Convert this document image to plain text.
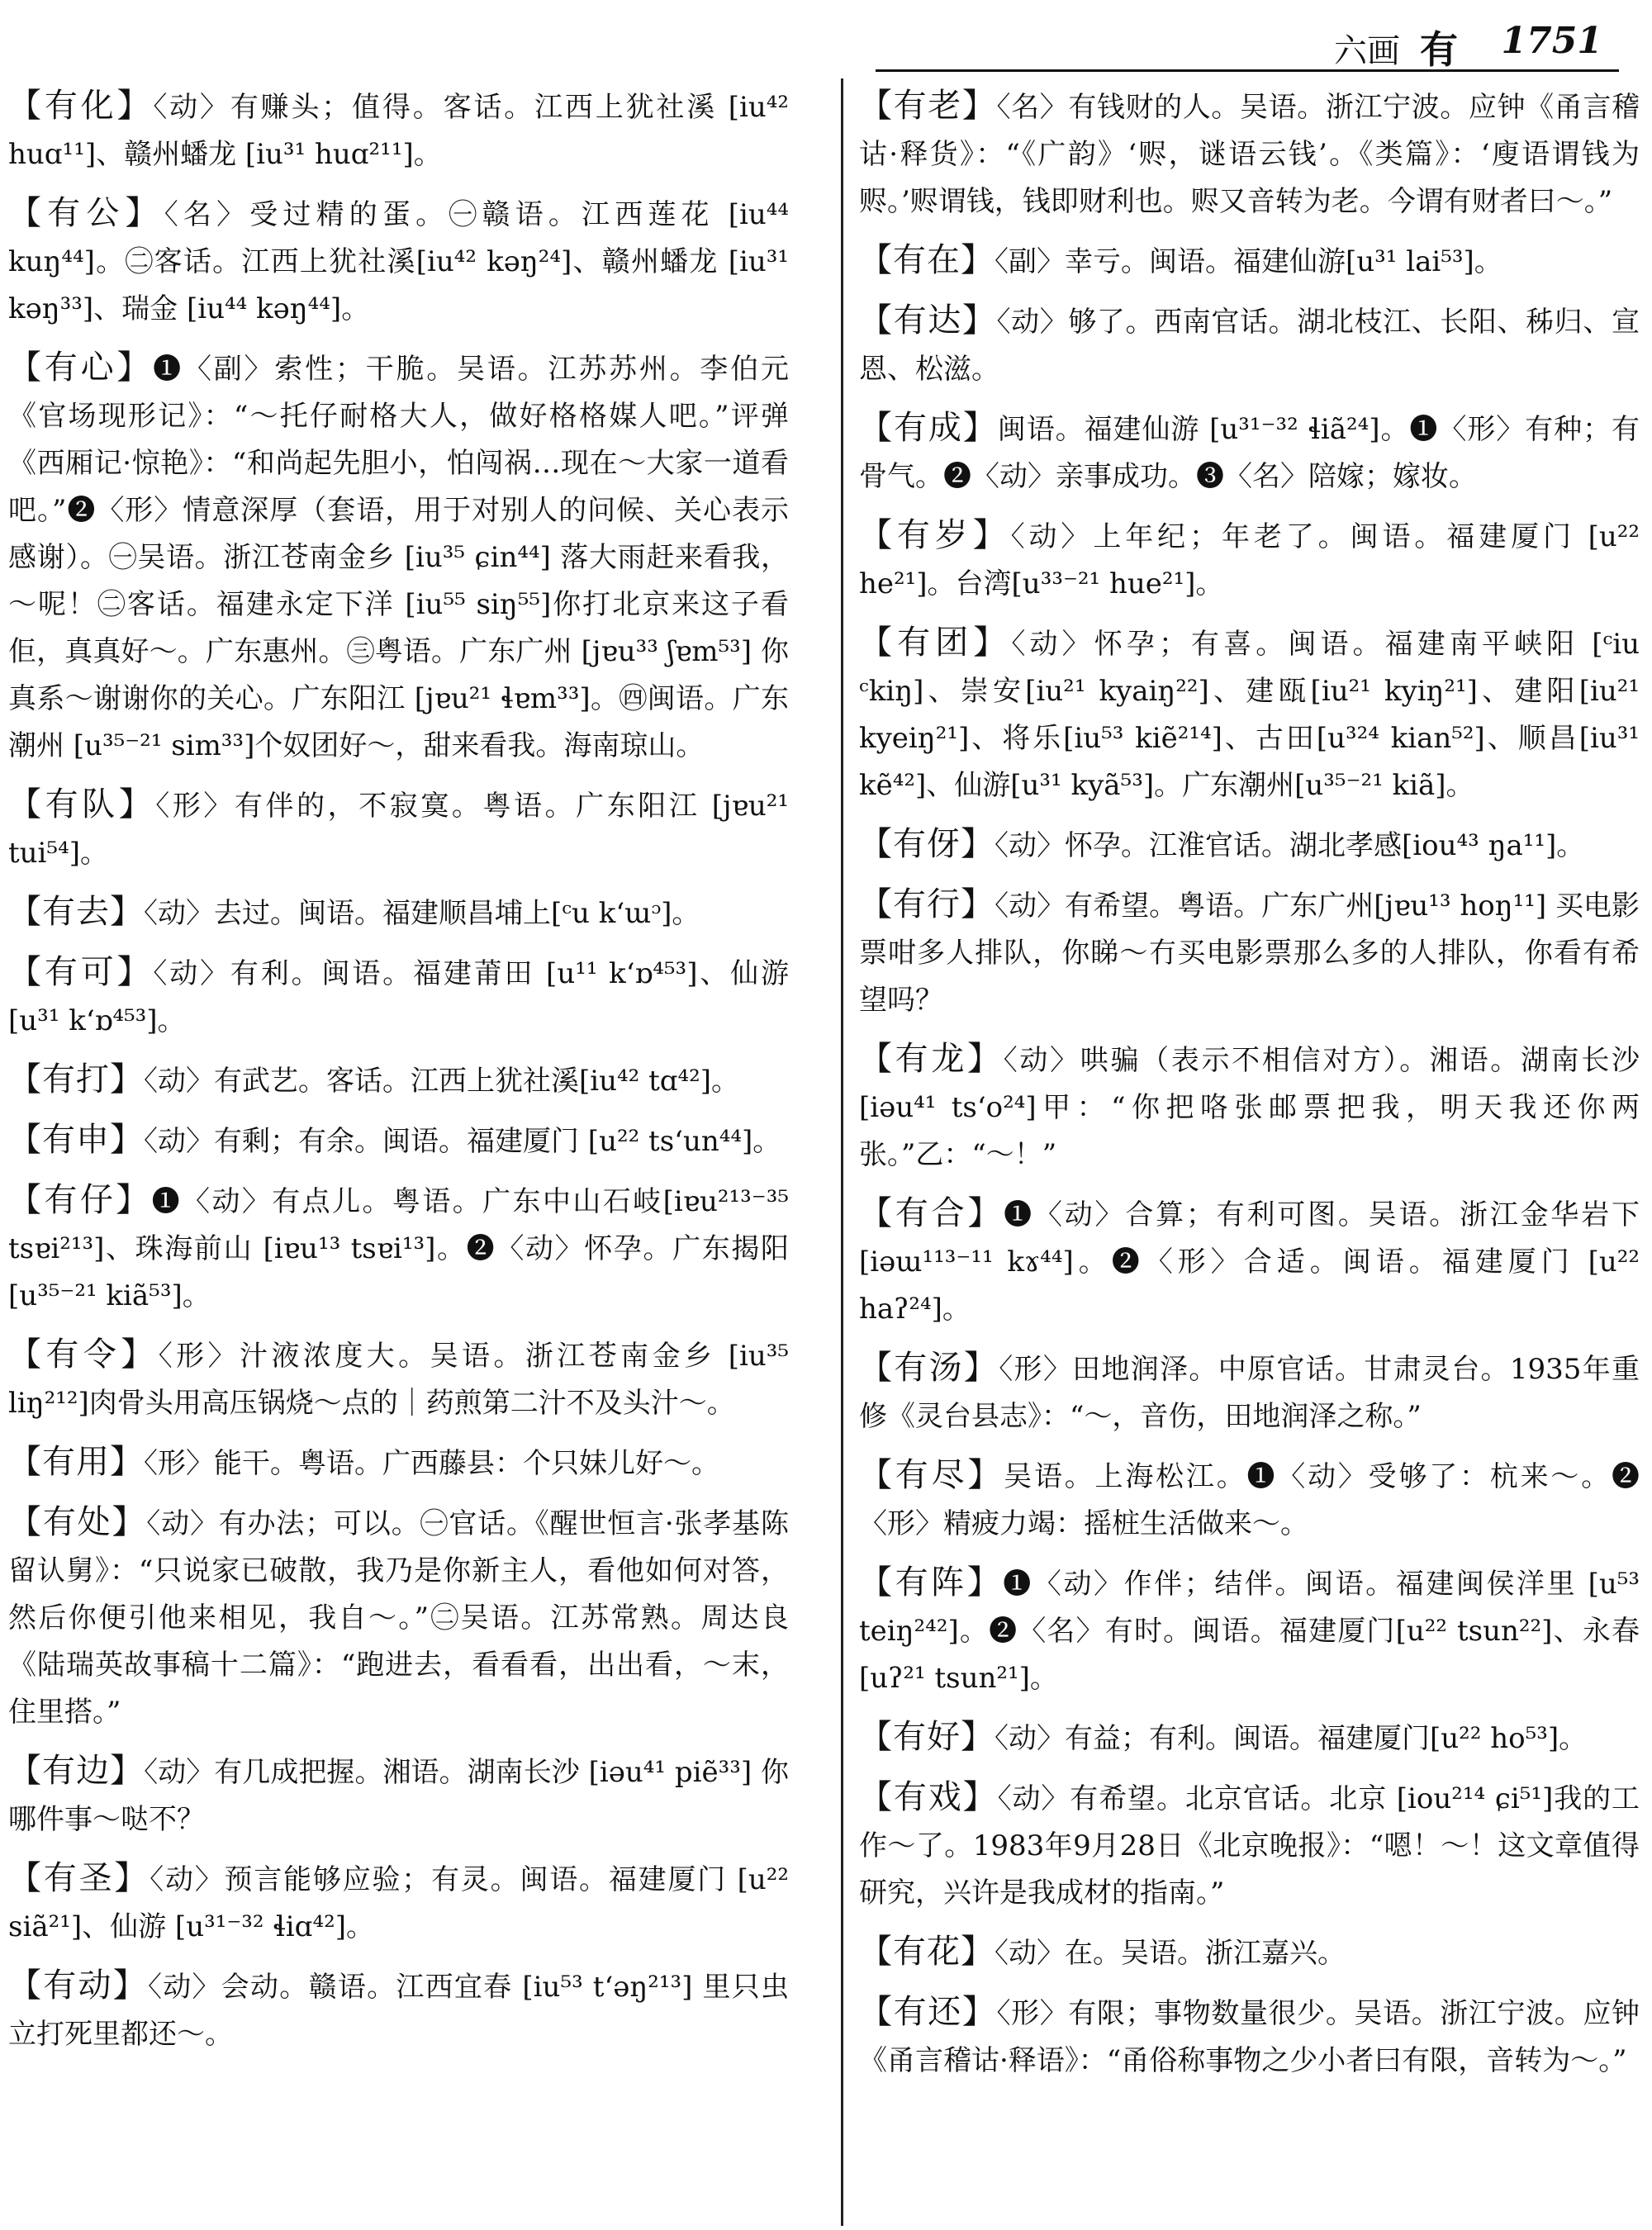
六画 有 1751

【有化】〈动〉有赚头；值得。客话。江西上犹社溪 [iu⁴² huɑ¹¹]、赣州蟠龙 [iu³¹ huɑ²¹¹]。

【有公】〈名〉受过精的蛋。㊀赣语。江西莲花 [iu⁴⁴ kuŋ⁴⁴]。㊁客话。江西上犹社溪[iu⁴² kəŋ²⁴]、赣州蟠龙 [iu³¹ kəŋ³³]、瑞金 [iu⁴⁴ kəŋ⁴⁴]。

【有心】❶〈副〉索性；干脆。吴语。江苏苏州。李伯元《官场现形记》：“～托仔耐格大人，做好格格媒人吧。”评弹《西厢记·惊艳》：“和尚起先胆小，怕闯祸…现在～大家一道看吧。”❷〈形〉情意深厚（套语，用于对别人的问候、关心表示感谢）。㊀吴语。浙江苍南金乡 [iu³⁵ ɕin⁴⁴] 落大雨赶来看我，～呢！㊁客话。福建永定下洋 [iu⁵⁵ siŋ⁵⁵]你打北京来这子看佢，真真好～。广东惠州。㊂粤语。广东广州 [jɐu³³ ʃɐm⁵³] 你真系～谢谢你的关心。广东阳江 [jɐu²¹ ɬɐm³³]。㊃闽语。广东潮州 [u³⁵⁻²¹ sim³³]个奴团好～，甜来看我。海南琼山。

【有队】〈形〉有伴的，不寂寞。粤语。广东阳江 [jɐu²¹ tui⁵⁴]。

【有去】〈动〉去过。闽语。福建顺昌埔上[ᶜu kʻɯᵓ]。

【有可】〈动〉有利。闽语。福建莆田 [u¹¹ kʻɒ⁴⁵³]、仙游 [u³¹ kʻɒ⁴⁵³]。

【有打】〈动〉有武艺。客话。江西上犹社溪[iu⁴² tɑ⁴²]。

【有申】〈动〉有剩；有余。闽语。福建厦门 [u²² tsʻun⁴⁴]。

【有仔】❶〈动〉有点儿。粤语。广东中山石岐[iɐu²¹³⁻³⁵ tsɐi²¹³]、珠海前山 [iɐu¹³ tsɐi¹³]。❷〈动〉怀孕。广东揭阳 [u³⁵⁻²¹ kiã⁵³]。

【有令】〈形〉汁液浓度大。吴语。浙江苍南金乡 [iu³⁵ liŋ²¹²]肉骨头用高压锅烧～点的｜药煎第二汁不及头汁～。

【有用】〈形〉能干。粤语。广西藤县：个只妹儿好～。

【有处】〈动〉有办法；可以。㊀官话。《醒世恒言·张孝基陈留认舅》：“只说家已破散，我乃是你新主人，看他如何对答，然后你便引他来相见，我自～。”㊁吴语。江苏常熟。周达良《陆瑞英故事稿十二篇》：“跑进去，看看看，出出看，～末，住里搭。”

【有边】〈动〉有几成把握。湘语。湖南长沙 [iəu⁴¹ piẽ³³] 你哪件事～哒不？

【有圣】〈动〉预言能够应验；有灵。闽语。福建厦门 [u²² siã²¹]、仙游 [u³¹⁻³² ɬiɑ⁴²]。

【有动】〈动〉会动。赣语。江西宜春 [iu⁵³ tʻəŋ²¹³] 里只虫立打死里都还～。

【有老】〈名〉有钱财的人。吴语。浙江宁波。应钟《甬言稽诂·释货》：“《广韵》‘赆，谜语云钱’。《类篇》：‘廋语谓钱为赆。’赆谓钱，钱即财利也。赆又音转为老。今谓有财者曰～。”

【有在】〈副〉幸亏。闽语。福建仙游[u³¹ lai⁵³]。

【有达】〈动〉够了。西南官话。湖北枝江、长阳、秭归、宣恩、松滋。

【有成】闽语。福建仙游 [u³¹⁻³² ɬiã²⁴]。❶〈形〉有种；有骨气。❷〈动〉亲事成功。❸〈名〉陪嫁；嫁妆。

【有岁】〈动〉上年纪；年老了。闽语。福建厦门 [u²² he²¹]。台湾[u³³⁻²¹ hue²¹]。

【有团】〈动〉怀孕；有喜。闽语。福建南平峡阳 [ᶜiu ᶜkiŋ]、崇安[iu²¹ kyaiŋ²²]、建瓯[iu²¹ kyiŋ²¹]、建阳[iu²¹ kyeiŋ²¹]、将乐[iu⁵³ kiẽ²¹⁴]、古田[u³²⁴ kian⁵²]、顺昌[iu³¹ kẽ⁴²]、仙游[u³¹ kyã⁵³]。广东潮州[u³⁵⁻²¹ kiã]。

【有伢】〈动〉怀孕。江淮官话。湖北孝感[iou⁴³ ŋa¹¹]。

【有行】〈动〉有希望。粤语。广东广州[jɐu¹³ hoŋ¹¹] 买电影票咁多人排队，你睇～冇买电影票那么多的人排队，你看有希望吗？

【有龙】〈动〉哄骗（表示不相信对方）。湘语。湖南长沙[iəu⁴¹ tsʻo²⁴]甲：“你把咯张邮票把我，明天我还你两张。”乙：“～！”

【有合】❶〈动〉合算；有利可图。吴语。浙江金华岩下 [iəɯ¹¹³⁻¹¹ kɤ⁴⁴]。❷〈形〉合适。闽语。福建厦门 [u²² haʔ²⁴]。

【有汤】〈形〉田地润泽。中原官话。甘肃灵台。1935年重修《灵台县志》：“～，音伤，田地润泽之称。”

【有尽】吴语。上海松江。❶〈动〉受够了：杭来～。❷〈形〉精疲力竭：摇桩生活做来～。

【有阵】❶〈动〉作伴；结伴。闽语。福建闽侯洋里 [u⁵³ teiŋ²⁴²]。❷〈名〉有时。闽语。福建厦门[u²² tsun²²]、永春[uʔ²¹ tsun²¹]。

【有好】〈动〉有益；有利。闽语。福建厦门[u²² ho⁵³]。

【有戏】〈动〉有希望。北京官话。北京 [iou²¹⁴ ɕi⁵¹]我的工作～了。1983年9月28日《北京晚报》：“嗯！～！这文章值得研究，兴许是我成材的指南。”

【有花】〈动〉在。吴语。浙江嘉兴。

【有还】〈形〉有限；事物数量很少。吴语。浙江宁波。应钟《甬言稽诂·释语》：“甬俗称事物之少小者曰有限，音转为～。”
